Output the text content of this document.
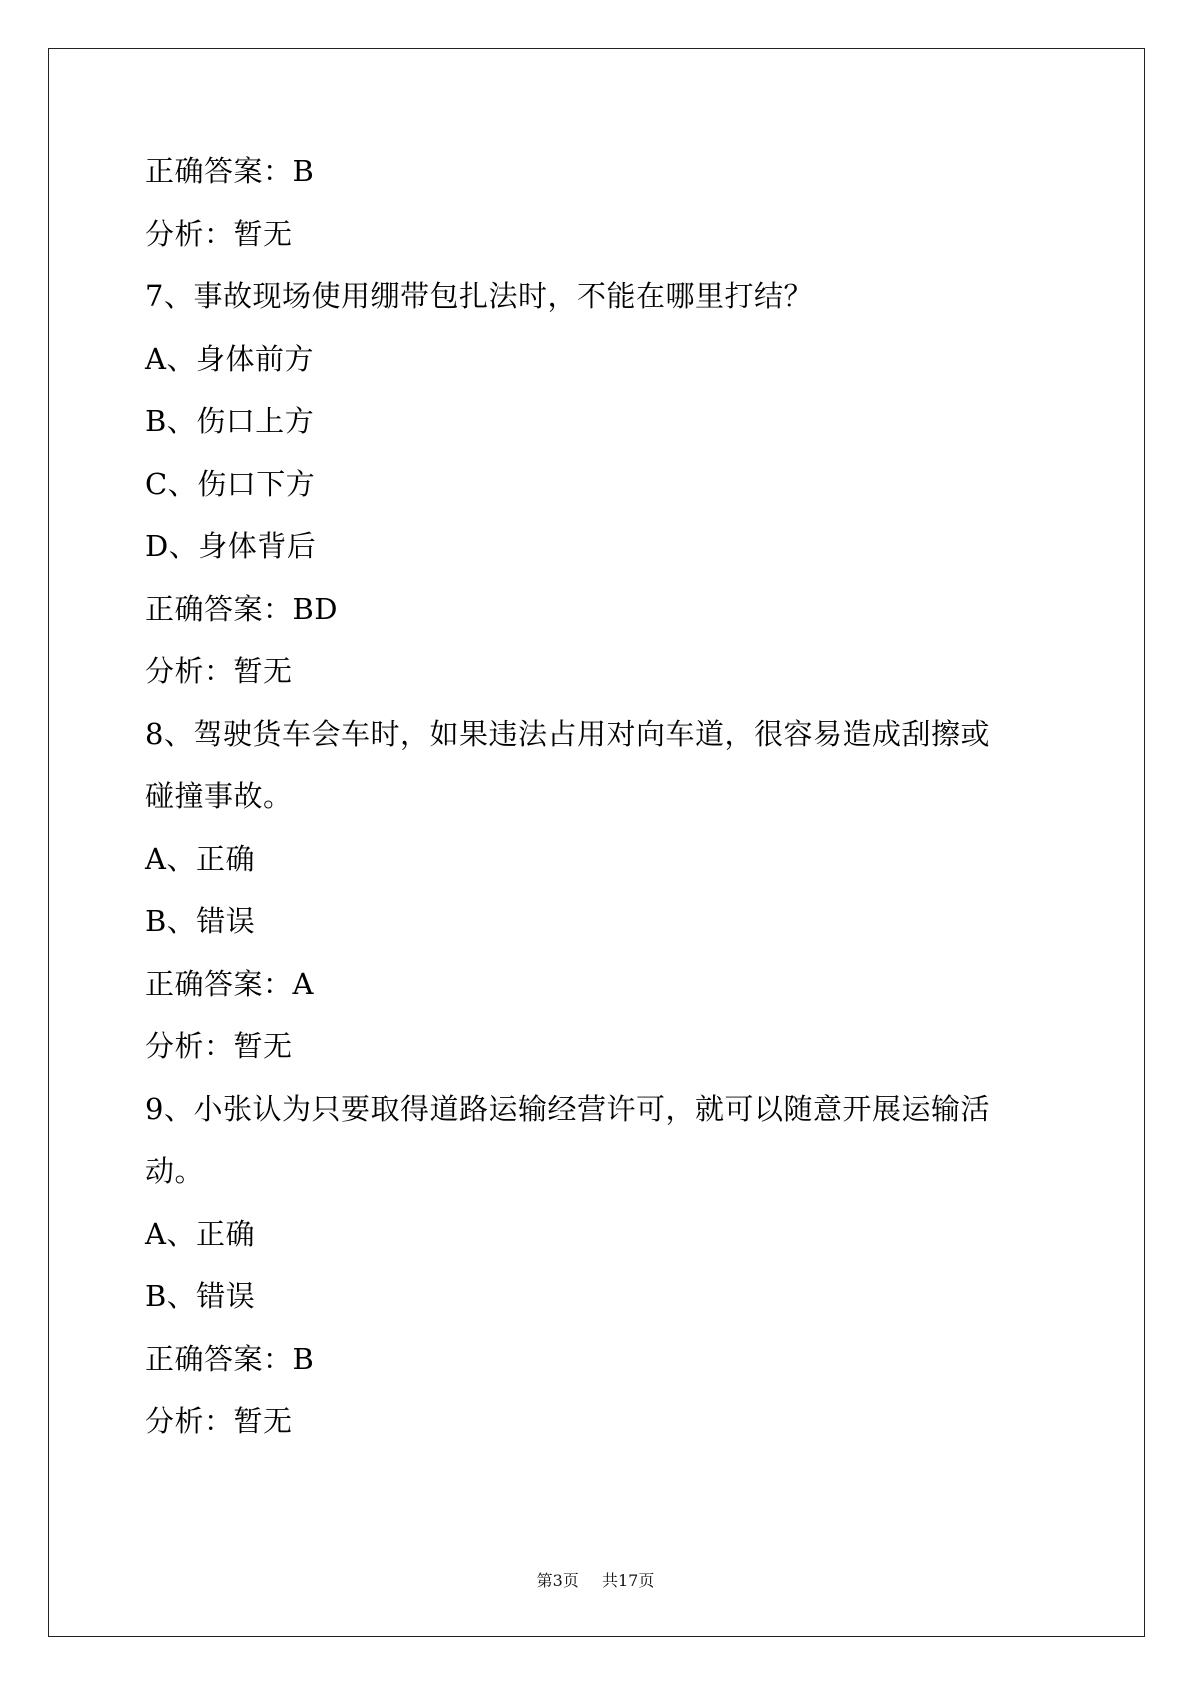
正确答案：B
分析：暂无
7、事故现场使用绷带包扎法时，不能在哪里打结？
A、身体前方
B、伤口上方
C、伤口下方
D、身体背后
正确答案：BD
分析：暂无
8、驾驶货车会车时，如果违法占用对向车道，很容易造成刮擦或
碰撞事故。
A、正确
B、错误
正确答案：A
分析：暂无
9、小张认为只要取得道路运输经营许可，就可以随意开展运输活
动。
A、正确
B、错误
正确答案：B
分析：暂无
第3页 共17页
